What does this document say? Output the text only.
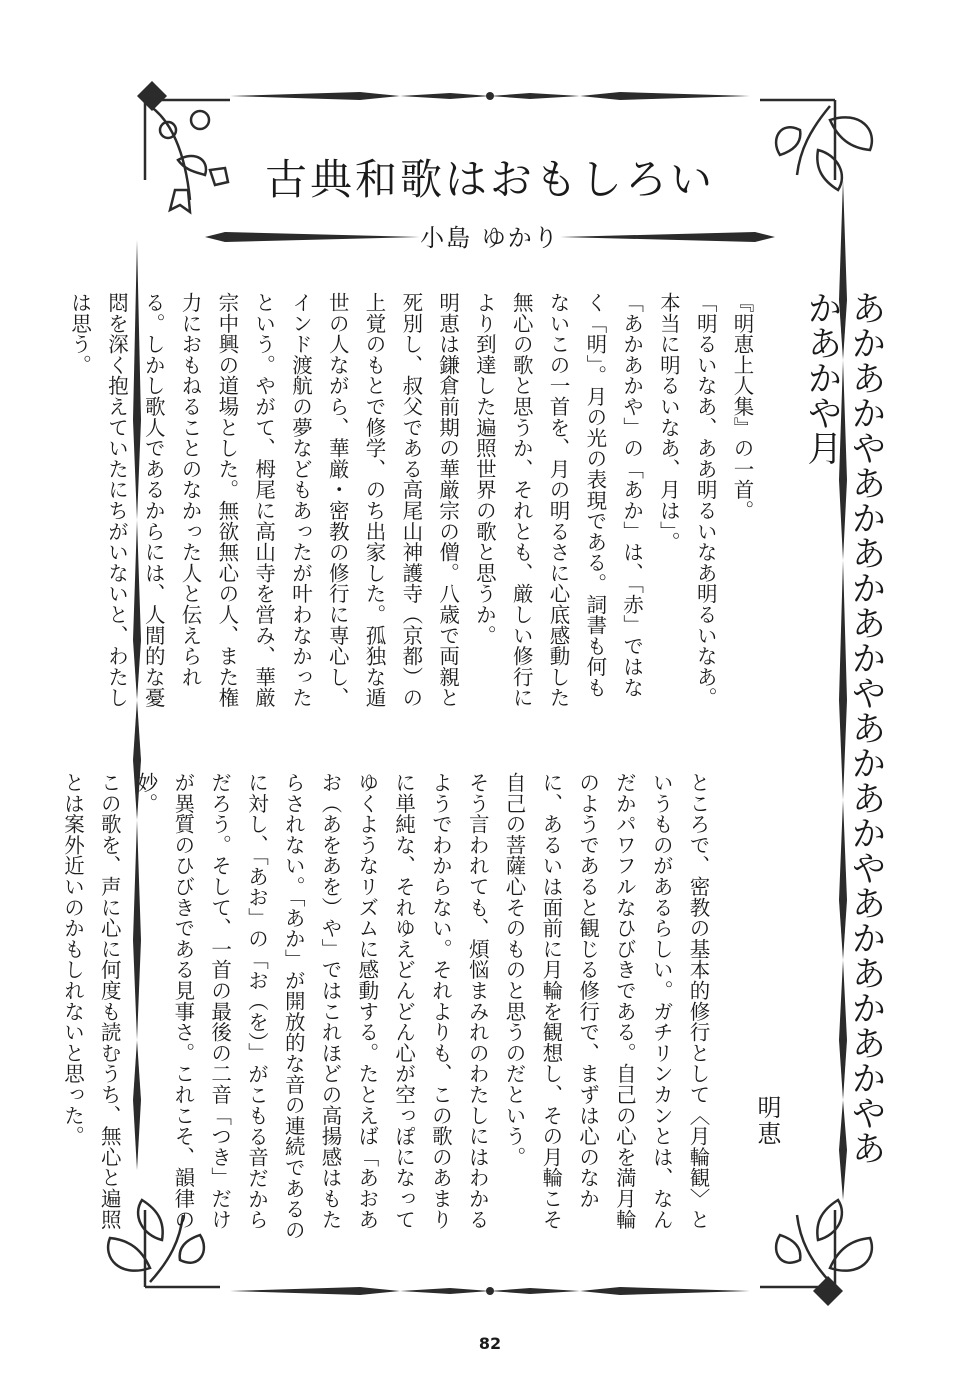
古典和歌はおもしろい
小島 ゆかり
あかあかやあかあかあかやあかあかやあかあかあかやあかあかや月
明恵

『明恵上人集』の一首。

「明るいなあ、ああ明るいなあ明るいなあ。本当に明るいなあ、月は」。

「あかあかや」の「あか」は、「赤」ではなく「明」。月の光の表現である。詞書も何もないこの一首を、月の明るさに心底感動した無心の歌と思うか、それとも、厳しい修行により到達した遍照世界の歌と思うか。

明恵は鎌倉前期の華厳宗の僧。八歳で両親と死別し、叔父である高尾山神護寺（京都）の上覚のもとで修学、のち出家した。孤独な遁世の人ながら、華厳・密教の修行に専心し、インド渡航の夢などもあったが叶わなかったという。やがて、栂尾に高山寺を営み、華厳宗中興の道場とした。無欲無心の人、また権力におもねることのなかった人と伝えられる。しかし歌人であるからには、人間的な憂悶を深く抱えていたにちがいないと、わたしは思う。

ところで、密教の基本的修行として〈月輪観〉というものがあるらしい。ガチリンカンとは、なんだかパワフルなひびきである。自己の心を満月輪のようであると観じる修行で、まずは心のなかに、あるいは面前に月輪を観想し、その月輪こそ自己の菩薩心そのものと思うのだという。

そう言われても、煩悩まみれのわたしにはわかるようでわからない。それよりも、この歌のあまりに単純な、それゆえどんどん心が空っぽになってゆくようなリズムに感動する。たとえば「あおあお（あをあを）や」ではこれほどの高揚感はもたらされない。「あか」が開放的な音の連続であるのに対し、「あお」の「お（を）」がこもる音だからだろう。そして、一首の最後の二音「つき」だけが異質のひびきである見事さ。これこそ、韻律の妙。

この歌を、声に心に何度も読むうち、無心と遍照とは案外近いのかもしれないと思った。

82
